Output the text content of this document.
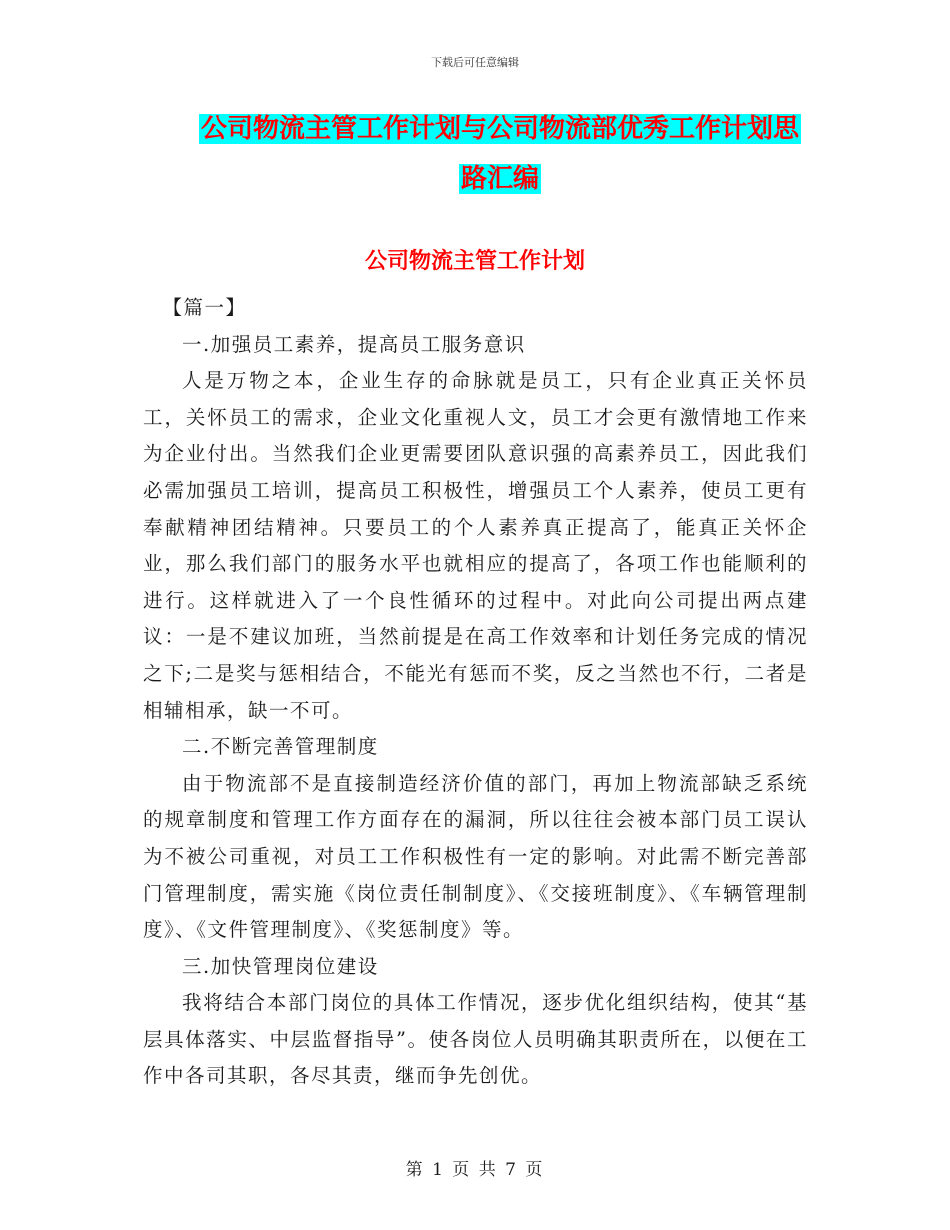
下载后可任意编辑
公司物流主管工作计划与公司物流部优秀工作计划思
路汇编
公司物流主管工作计划

【篇一】

一.加强员工素养，提高员工服务意识

人是万物之本，企业生存的命脉就是员工，只有企业真正关怀员工，关怀员工的需求，企业文化重视人文，员工才会更有激情地工作来为企业付出。当然我们企业更需要团队意识强的高素养员工，因此我们必需加强员工培训，提高员工积极性，增强员工个人素养，使员工更有奉献精神团结精神。只要员工的个人素养真正提高了，能真正关怀企业，那么我们部门的服务水平也就相应的提高了，各项工作也能顺利的进行。这样就进入了一个良性循环的过程中。对此向公司提出两点建议：一是不建议加班，当然前提是在高工作效率和计划任务完成的情况之下;二是奖与惩相结合，不能光有惩而不奖，反之当然也不行，二者是相辅相承，缺一不可。

二.不断完善管理制度

由于物流部不是直接制造经济价值的部门，再加上物流部缺乏系统的规章制度和管理工作方面存在的漏洞，所以往往会被本部门员工误认为不被公司重视，对员工工作积极性有一定的影响。对此需不断完善部门管理制度，需实施《岗位责任制制度》、《交接班制度》、《车辆管理制度》、《文件管理制度》、《奖惩制度》等。

三.加快管理岗位建设

我将结合本部门岗位的具体工作情况，逐步优化组织结构，使其“基层具体落实、中层监督指导”。使各岗位人员明确其职责所在，以便在工作中各司其职，各尽其责，继而争先创优。

第 1 页 共 7 页
